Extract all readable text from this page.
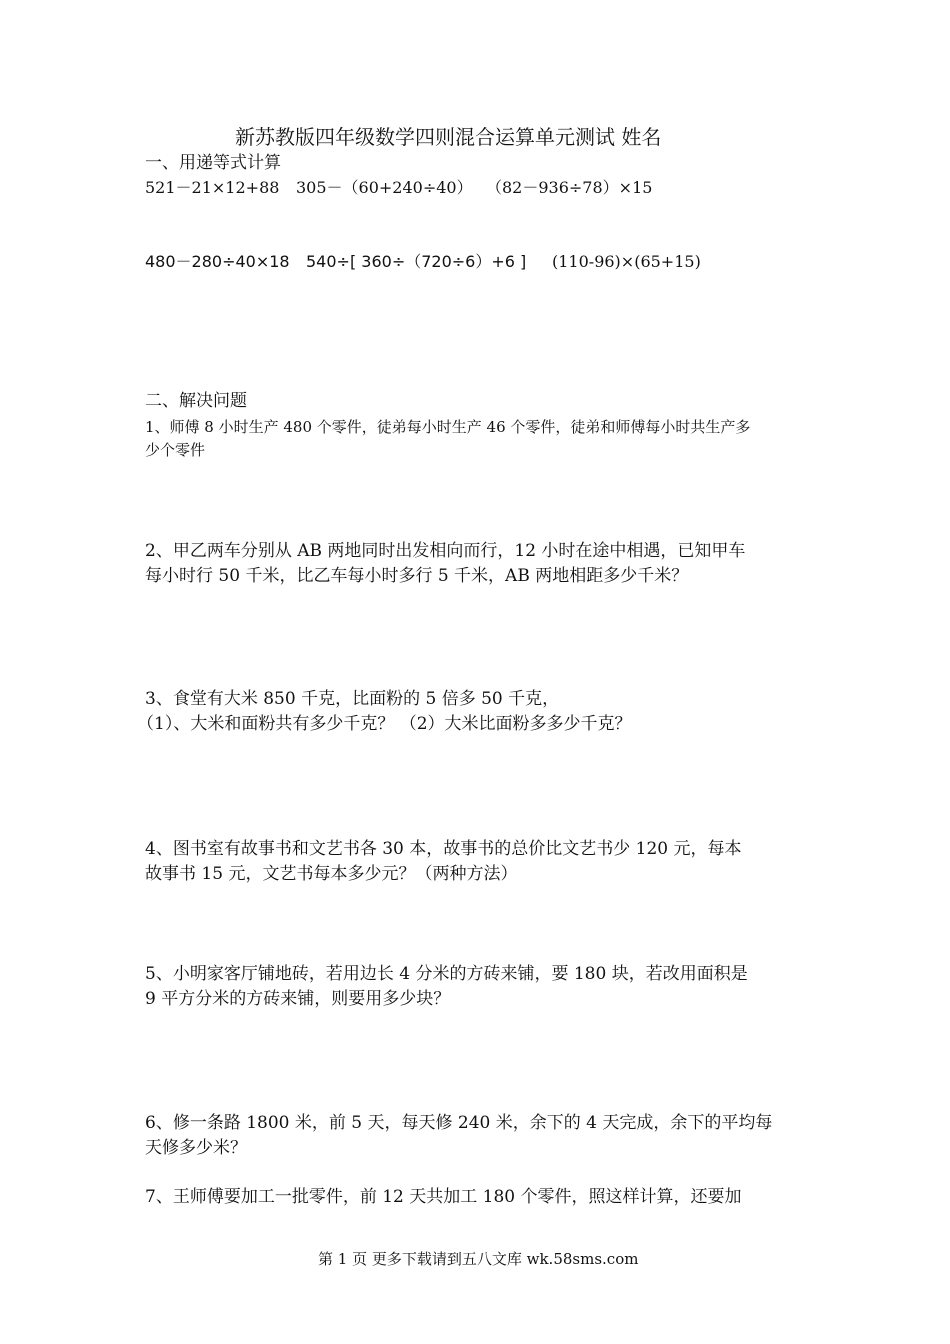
新苏教版四年级数学四则混合运算单元测试 姓名
一、用递等式计算
521－21×12+88 305－（60+240÷40） （82－936÷78）×15
480－280÷40×18 540÷[ 360÷（720÷6）+6 ] (110-96)×(65+15)
二、解决问题
1、师傅 8 小时生产 480 个零件，徒弟每小时生产 46 个零件，徒弟和师傅每小时共生产多
少个零件
2、甲乙两车分别从 AB 两地同时出发相向而行，12 小时在途中相遇，已知甲车
每小时行 50 千米，比乙车每小时多行 5 千米，AB 两地相距多少千米？
3、食堂有大米 850 千克，比面粉的 5 倍多 50 千克，
（1）、大米和面粉共有多少千克？ （2）大米比面粉多多少千克？
4、图书室有故事书和文艺书各 30 本，故事书的总价比文艺书少 120 元，每本
故事书 15 元，文艺书每本多少元？（两种方法）
5、小明家客厅铺地砖，若用边长 4 分米的方砖来铺，要 180 块，若改用面积是
9 平方分米的方砖来铺，则要用多少块？
6、修一条路 1800 米，前 5 天，每天修 240 米，余下的 4 天完成，余下的平均每
天修多少米？
7、王师傅要加工一批零件，前 12 天共加工 180 个零件，照这样计算，还要加
第 1 页 更多下载请到五八文库 wk.58sms.com
